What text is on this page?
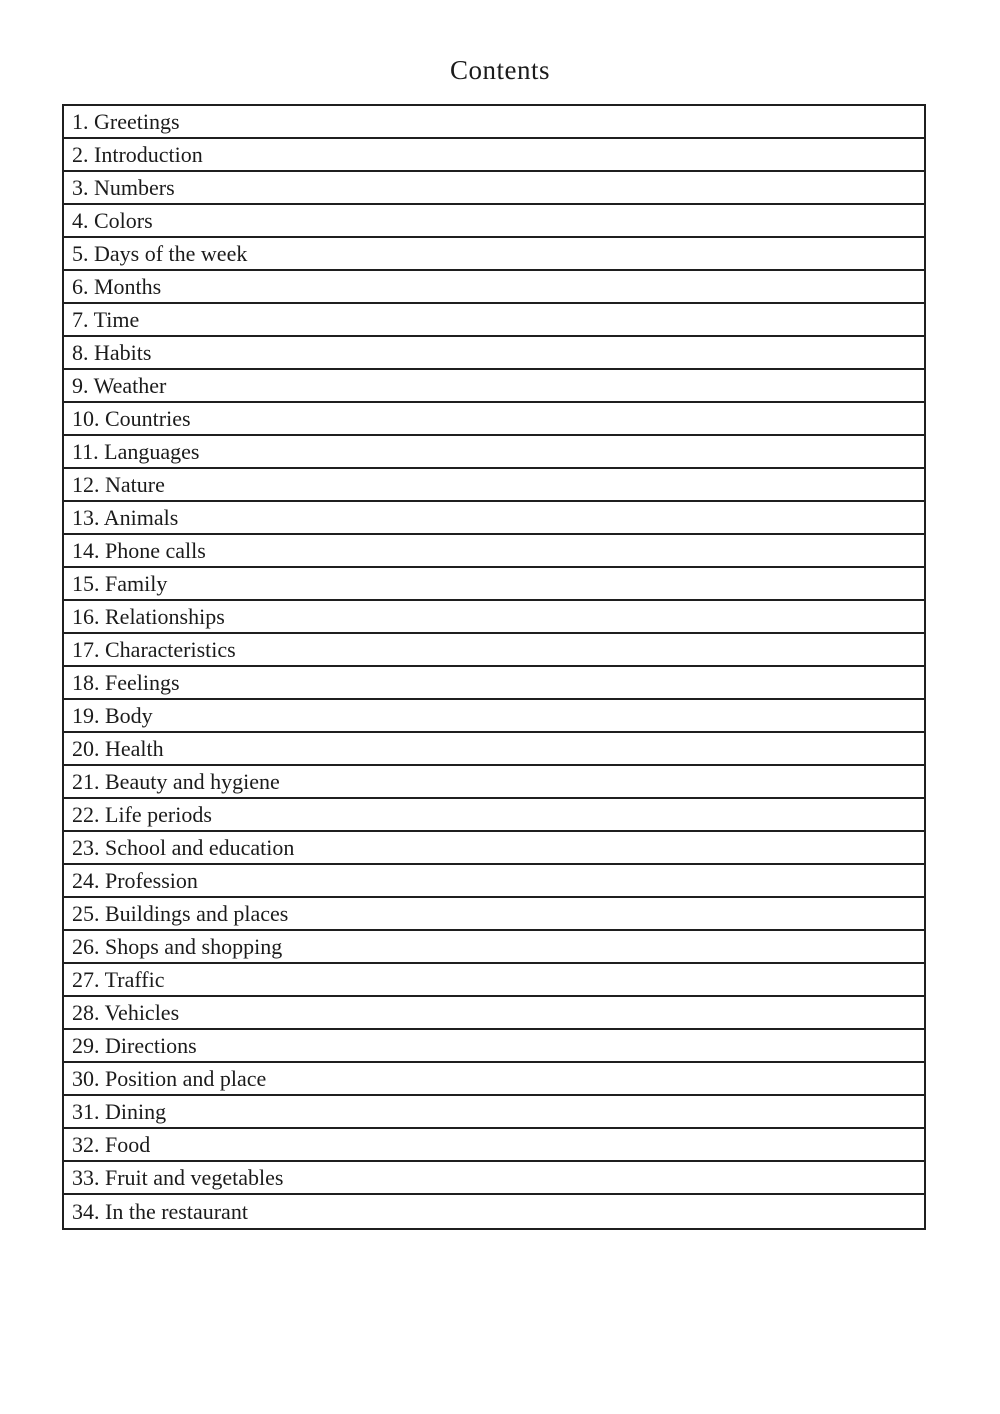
Contents
1. Greetings
2. Introduction
3. Numbers
4. Colors
5. Days of the week
6. Months
7. Time
8. Habits
9. Weather
10. Countries
11. Languages
12. Nature
13. Animals
14. Phone calls
15. Family
16. Relationships
17. Characteristics
18. Feelings
19. Body
20. Health
21. Beauty and hygiene
22. Life periods
23. School and education
24. Profession
25. Buildings and places
26. Shops and shopping
27. Traffic
28. Vehicles
29. Directions
30. Position and place
31. Dining
32. Food
33. Fruit and vegetables
34. In the restaurant
